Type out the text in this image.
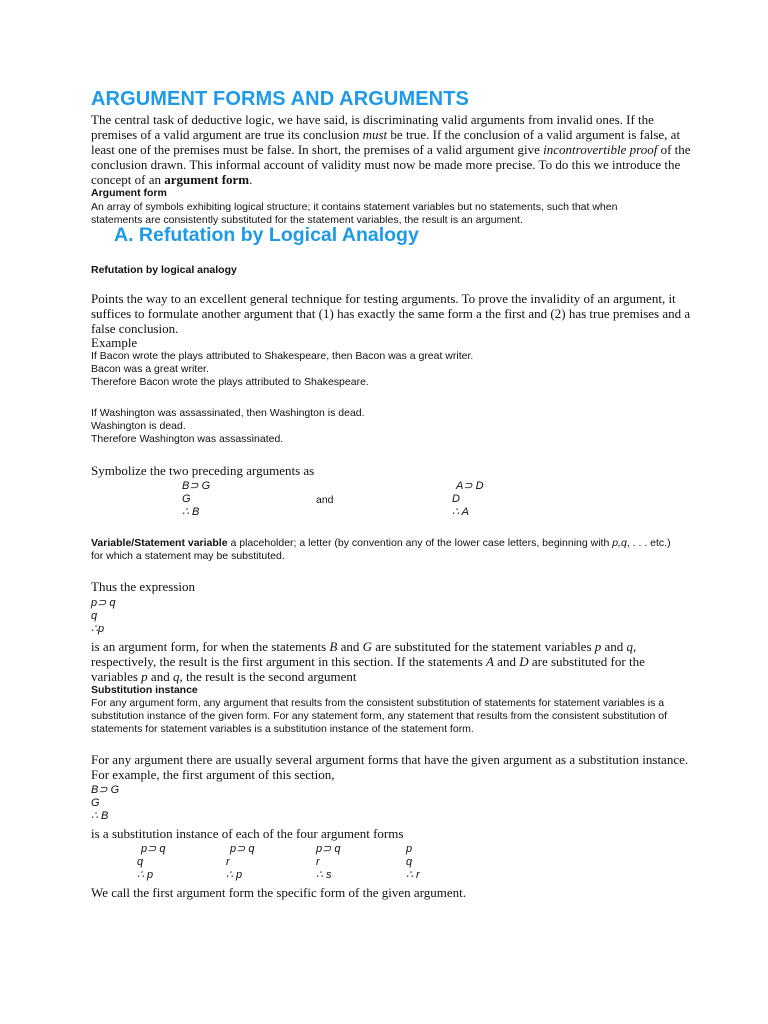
ARGUMENT FORMS AND ARGUMENTS

The central task of deductive logic, we have said, is discriminating valid arguments from invalid ones. If the premises of a valid argument are true its conclusion must be true. If the conclusion of a valid argument is false, at least one of the premises must be false. In short, the premises of a valid argument give incontrovertible proof of the conclusion drawn. This informal account of validity must now be made more precise. To do this we introduce the concept of an argument form.

Argument form

An array of symbols exhibiting logical structure; it contains statement variables but no statements, such that when statements are consistently substituted for the statement variables, the result is an argument.

A. Refutation by Logical Analogy

Refutation by logical analogy

Points the way to an excellent general technique for testing arguments. To prove the invalidity of an argument, it suffices to formulate another argument that (1) has exactly the same form a the first and (2) has true premises and a false conclusion.

Example

If Bacon wrote the plays attributed to Shakespeare, then Bacon was a great writer.
Bacon was a great writer.
Therefore Bacon wrote the plays attributed to Shakespeare.
If Washington was assassinated, then Washington is dead.
Washington is dead.
Therefore Washington was assassinated.

Symbolize the two preceding arguments as

B⊃ G
G
∴ B
and
A⊃ D
D
∴ A

Variable/Statement variable a placeholder; a letter (by convention any of the lower case letters, beginning with p,q, . . . etc.) for which a statement may be substituted.

Thus the expression

p⊃ q
q
∴p

is an argument form, for when the statements B and G are substituted for the statement variables p and q, respectively, the result is the first argument in this section. If the statements A and D are substituted for the variables p and q, the result is the second argument

Substitution instance

For any argument form, any argument that results from the consistent substitution of statements for statement variables is a substitution instance of the given form. For any statement form, any statement that results from the consistent substitution of statements for statement variables is a substitution instance of the statement form.

For any argument there are usually several argument forms that have the given argument as a substitution instance. For example, the first argument of this section,

B⊃ G
G
∴ B

is a substitution instance of each of the four argument forms

p⊃ q
q
∴ p
p⊃ q
r
∴ p
p⊃ q
r
∴ s
p
q
∴ r

We call the first argument form the specific form of the given argument.
